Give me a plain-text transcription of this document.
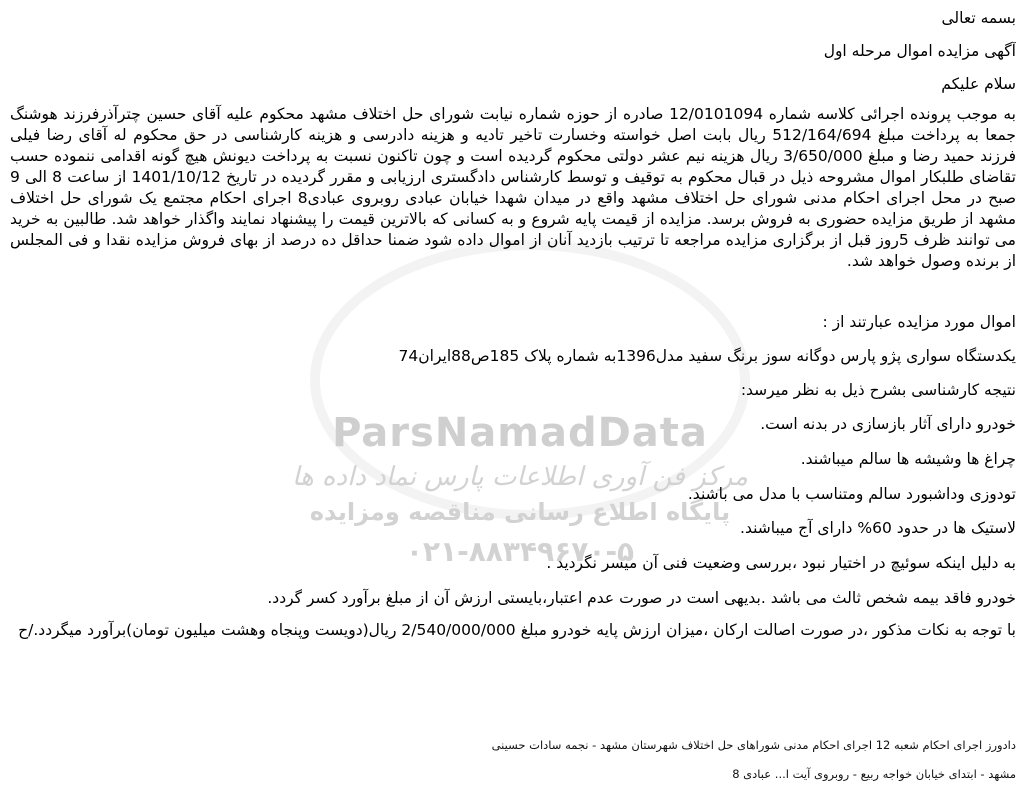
ParsNamadData
مرکز فن آوری اطلاعات پارس نماد داده ها
پایگاه اطلاع رسانی مناقصه ومزایده
۰۲۱-۸۸۳۴۹۶۷۰-۵
بسمه تعالی
آگهی مزایده اموال مرحله اول
سلام علیکم
به موجب پرونده اجرائی کلاسه شماره 12/0101094 صادره از حوزه شماره نیابت شورای حل اختلاف مشهد محکوم علیه آقای حسین چترآذرفرزند هوشنگ جمعا به پرداخت مبلغ 512/164/694 ریال بابت اصل خواسته وخسارت تاخیر تادیه و هزینه دادرسی و هزینه کارشناسی در حق محکوم له آقای رضا فیلی فرزند حمید رضا و مبلغ 3/650/000 ریال هزینه نیم عشر دولتی محکوم گردیده است و چون تاکنون نسبت به پرداخت دیونش هیچ گونه اقدامی ننموده حسب تقاضای طلبکار اموال مشروحه ذیل در قبال محکوم به توقیف و توسط کارشناس دادگستری ارزیابی و مقرر گردیده در تاریخ 1401/10/12 از ساعت 8 الی 9 صبح در محل اجرای احکام مدنی شورای حل اختلاف مشهد واقع در میدان شهدا خیابان عبادی روبروی عبادی8 اجرای احکام مجتمع یک شورای حل اختلاف مشهد از طریق مزایده حضوری به فروش برسد. مزایده از قیمت پایه شروع و به کسانی که بالاترین قیمت را پیشنهاد نمایند واگذار خواهد شد. طالبین به خرید می توانند ظرف 5روز قبل از برگزاری مزایده مراجعه تا ترتیب بازدید آنان از اموال داده شود ضمنا حداقل ده درصد از بهای فروش مزایده نقدا و فی المجلس از برنده وصول خواهد شد.
اموال مورد مزایده عبارتند از :
یکدستگاه سواری پژو پارس دوگانه سوز برنگ سفید مدل1396به شماره پلاک 185ص88ایران74
نتیجه کارشناسی بشرح ذیل به نظر میرسد:
خودرو دارای آثار بازسازی در بدنه است.
چراغ ها وشیشه ها سالم میباشند.
تودوزی وداشبورد سالم ومتناسب با مدل می باشند.
لاستیک ها در حدود 60% دارای آج میباشند.
به دلیل اینکه سوئیچ در اختیار نبود ،بررسی وضعیت فنی آن میسر نگردید .
خودرو فاقد بیمه شخص ثالث می باشد .بدیهی است در صورت عدم اعتبار،بایستی ارزش آن از مبلغ برآورد کسر گردد.
با توجه به نکات مذکور ،در صورت اصالت ارکان ،میزان ارزش پایه خودرو مبلغ 2/540/000/000 ریال(دویست وپنجاه وهشت میلیون تومان)برآورد میگردد./ح
دادورز اجرای احکام شعبه 12 اجرای احکام مدنی شوراهای حل اختلاف شهرستان مشهد - نجمه سادات حسینی
مشهد - ابتدای خیابان خواجه ربیع - روبروی آیت ا... عبادی 8
